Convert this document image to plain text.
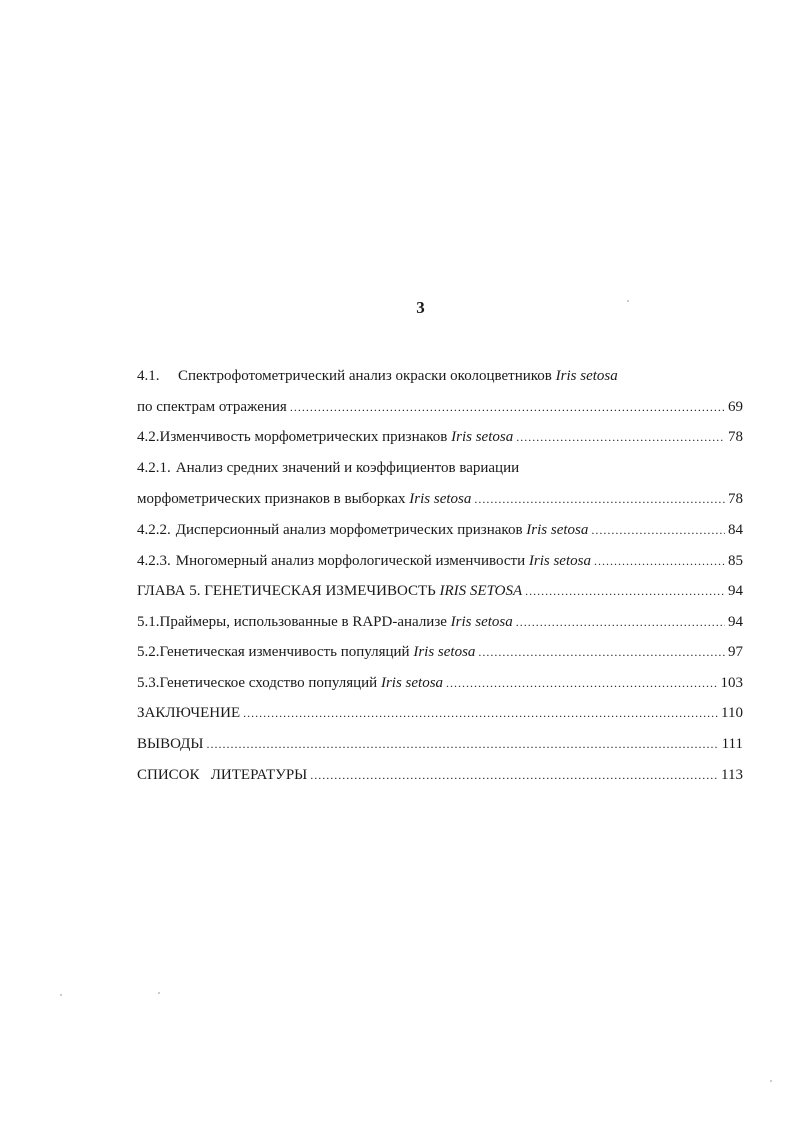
3
4.1.	Спектрофотометрический анализ окраски околоцветников Iris setosa
по спектрам отражения .....	69
4.2. Изменчивость морфометрических признаков Iris setosa .....	78
4.2.1. Анализ средних значений и коэффициентов вариации
морфометрических признаков в выборках Iris setosa .....	78
4.2.2. Дисперсионный анализ морфометрических признаков Iris setosa .....	84
4.2.3. Многомерный анализ морфологической изменчивости Iris setosa .....	85
ГЛАВА 5. ГЕНЕТИЧЕСКАЯ ИЗМЕЧИВОСТЬ IRIS SETOSA .....	94
5.1. Праймеры, использованные в RAPD-анализе Iris setosa .....	94
5.2. Генетическая изменчивость популяций Iris setosa .....	97
5.3. Генетическое сходство популяций Iris setosa .....	103
ЗАКЛЮЧЕНИЕ .....	110
ВЫВОДЫ .....	111
СПИСОК   ЛИТЕРАТУРЫ .....	113
